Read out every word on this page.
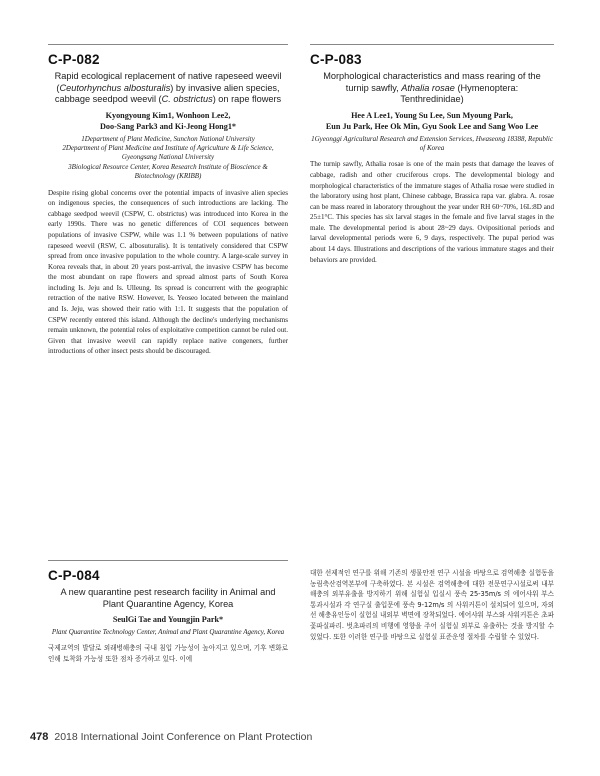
C-P-082
Rapid ecological replacement of native rapeseed weevil (Ceutorhynchus albosturalis) by invasive alien species, cabbage seedpod weevil (C. obstrictus) on rape flowers
Kyongyoung Kim1, Wonhoon Lee2,
Doo-Sang Park3 and Ki-Jeong Hong1*
1Department of Plant Medicine, Sunchon National University
2Department of Plant Medicine and Institute of Agriculture & Life Science, Gyeongsang National University
3Biological Resource Center, Korea Research Institute of Bioscience & Biotechnology (KRIBB)

Despite rising global concerns over the potential impacts of invasive alien species on indigenous species, the consequences of such introductions are lacking. The cabbage seedpod weevil (CSPW, C. obstrictus) was introduced into Korea in the early 1990s. There was no genetic differences of COI sequences between populations of invasive CSPW, while was 1.1 % between populations of native rapeseed weevil (RSW, C. albosuturalis). It is tentatively considered that CSPW spread from once invasive population to the whole country. A large-scale survey in Korea reveals that, in about 20 years post-arrival, the invasive CSPW has become the most abundant on rape flowers and spread almost parts of South Korea including Is. Jeju and Is. Ulleung. Its spread is concurrent with the geographic retraction of the native RSW. However, Is. Yeoseo located between the mainland and Is. Jeju, was showed their ratio with 1:1. It suggests that the population of CSPW recently entered this island. Although the decline's underlying mechanisms remain unknown, the potential roles of exploitative competition cannot be ruled out. Given that invasive weevil can rapidly replace native congeners, further introductions of other insect pests should be discouraged.

C-P-083
Morphological characteristics and mass rearing of the turnip sawfly, Athalia rosae (Hymenoptera: Tenthredinidae)
Hee A Lee1, Young Su Lee, Sun Myoung Park,
Eun Ju Park, Hee Ok Min, Gyu Sook Lee and Sang Woo Lee
1Gyeonggi Agricultural Research and Extension Services, Hwaseong 18388, Republic of Korea

The turnip sawfly, Athalia rosae is one of the main pests that damage the leaves of cabbage, radish and other cruciferous crops. The developmental biology and morphological characteristics of the immature stages of Athalia rosae were studied in the laboratory using host plant, Chinese cabbage, Brassica rapa var. glabra. A. rosae can be mass reared in laboratory throughout the year under RH 60~70%, 16L:8D and 25±1°C. This species has six larval stages in the female and five larval stages in the male. The developmental period is about 28~29 days. Ovipositional periods and larval developmental periods were 6, 9 days, respectively. The pupal period was about 14 days. Illustrations and descriptions of the various immature stages and their behaviors are provided.

C-P-084
A new quarantine pest research facility in Animal and Plant Quarantine Agency, Korea
SeulGi Tae and Youngjin Park*
Plant Quarantine Technology Center, Animal and Plant Quarantine Agency, Korea

국제교역의 발달로 외래병해충의 국내 침입 가능성이 높아지고 있으며, 기후 변화로 인해 토착화 가능성 또한 점차 증가하고 있다. 이에

대한 선제적인 연구를 위해 기존의 생물안전 연구 시설을 바탕으로 검역해충 실험동을 농림축산검역본부에 구축하였다. 본 시설은 검역해충에 대한 전문연구시설로써 내부해충의 외부유출을 방지하기 위해 실험실 입실시 풍속 25-35m/s 의 에어샤워 부스 통과시설과 각 연구실 출입문에 풍속 9-12m/s 의 사워커튼이 설치되어 있으며, 자외선 해충유인등이 실험실 내외부 벽면에 장착되었다. 에어샤워 부스와 샤워커튼은 초파꽃파실파리. 벗초파리의 비행에 영향을 주어 실험실 외부로 유출하는 것을 방지할 수 있었다. 또한 이러한 연구를 바탕으로 실험실 표준운영 절차를 수립할 수 있었다.

478 2018 International Joint Conference on Plant Protection
